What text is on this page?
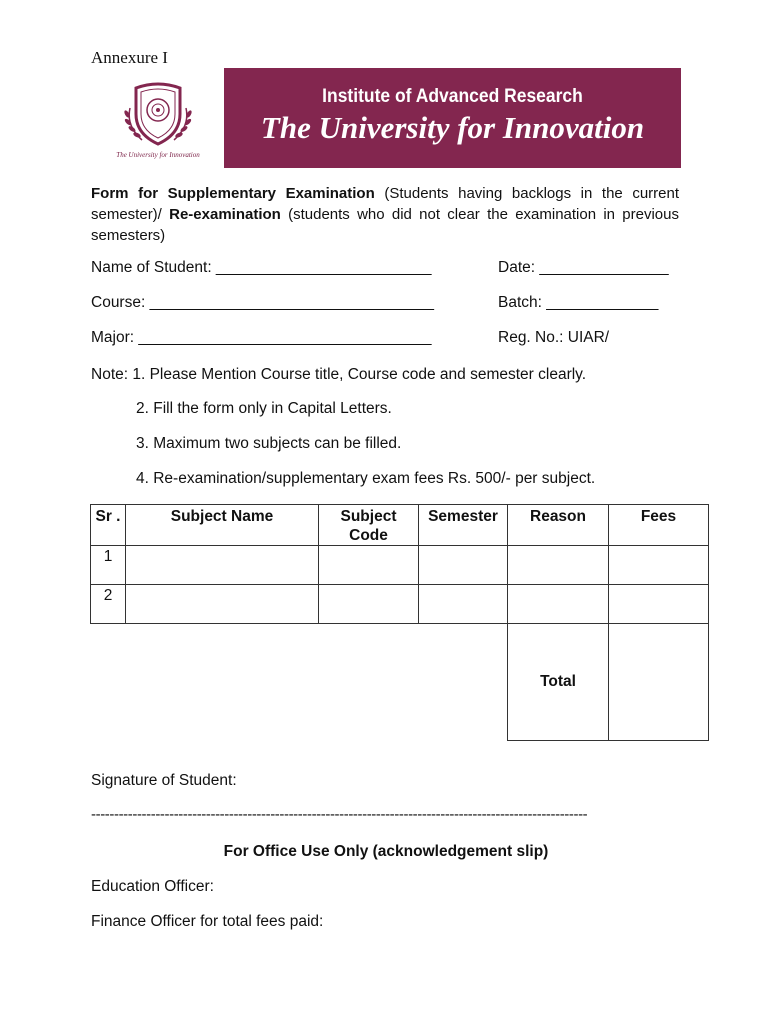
Annexure I
The University for Innovation
Institute of Advanced Research
The University for Innovation
Form for Supplementary Examination (Students having backlogs in the current semester)/ Re-examination (students who did not clear the examination in previous semesters)
Name of Student: _________________________	Date: _______________
Course: _________________________________	Batch: _____________
Major: __________________________________	Reg. No.: UIAR/
Note: 1. Please Mention Course title, Course code and semester clearly.
2. Fill the form only in Capital Letters.
3. Maximum two subjects can be filled.
4. Re-examination/supplementary exam fees Rs. 500/- per subject.
Sr .	Subject Name	Subject Code	Semester	Reason	Fees
1					
2					
				Total	
Signature of Student:
------------------------------------------------------------------------------------------------------------
For Office Use Only (acknowledgement slip)
Education Officer:
Finance Officer for total fees paid:
